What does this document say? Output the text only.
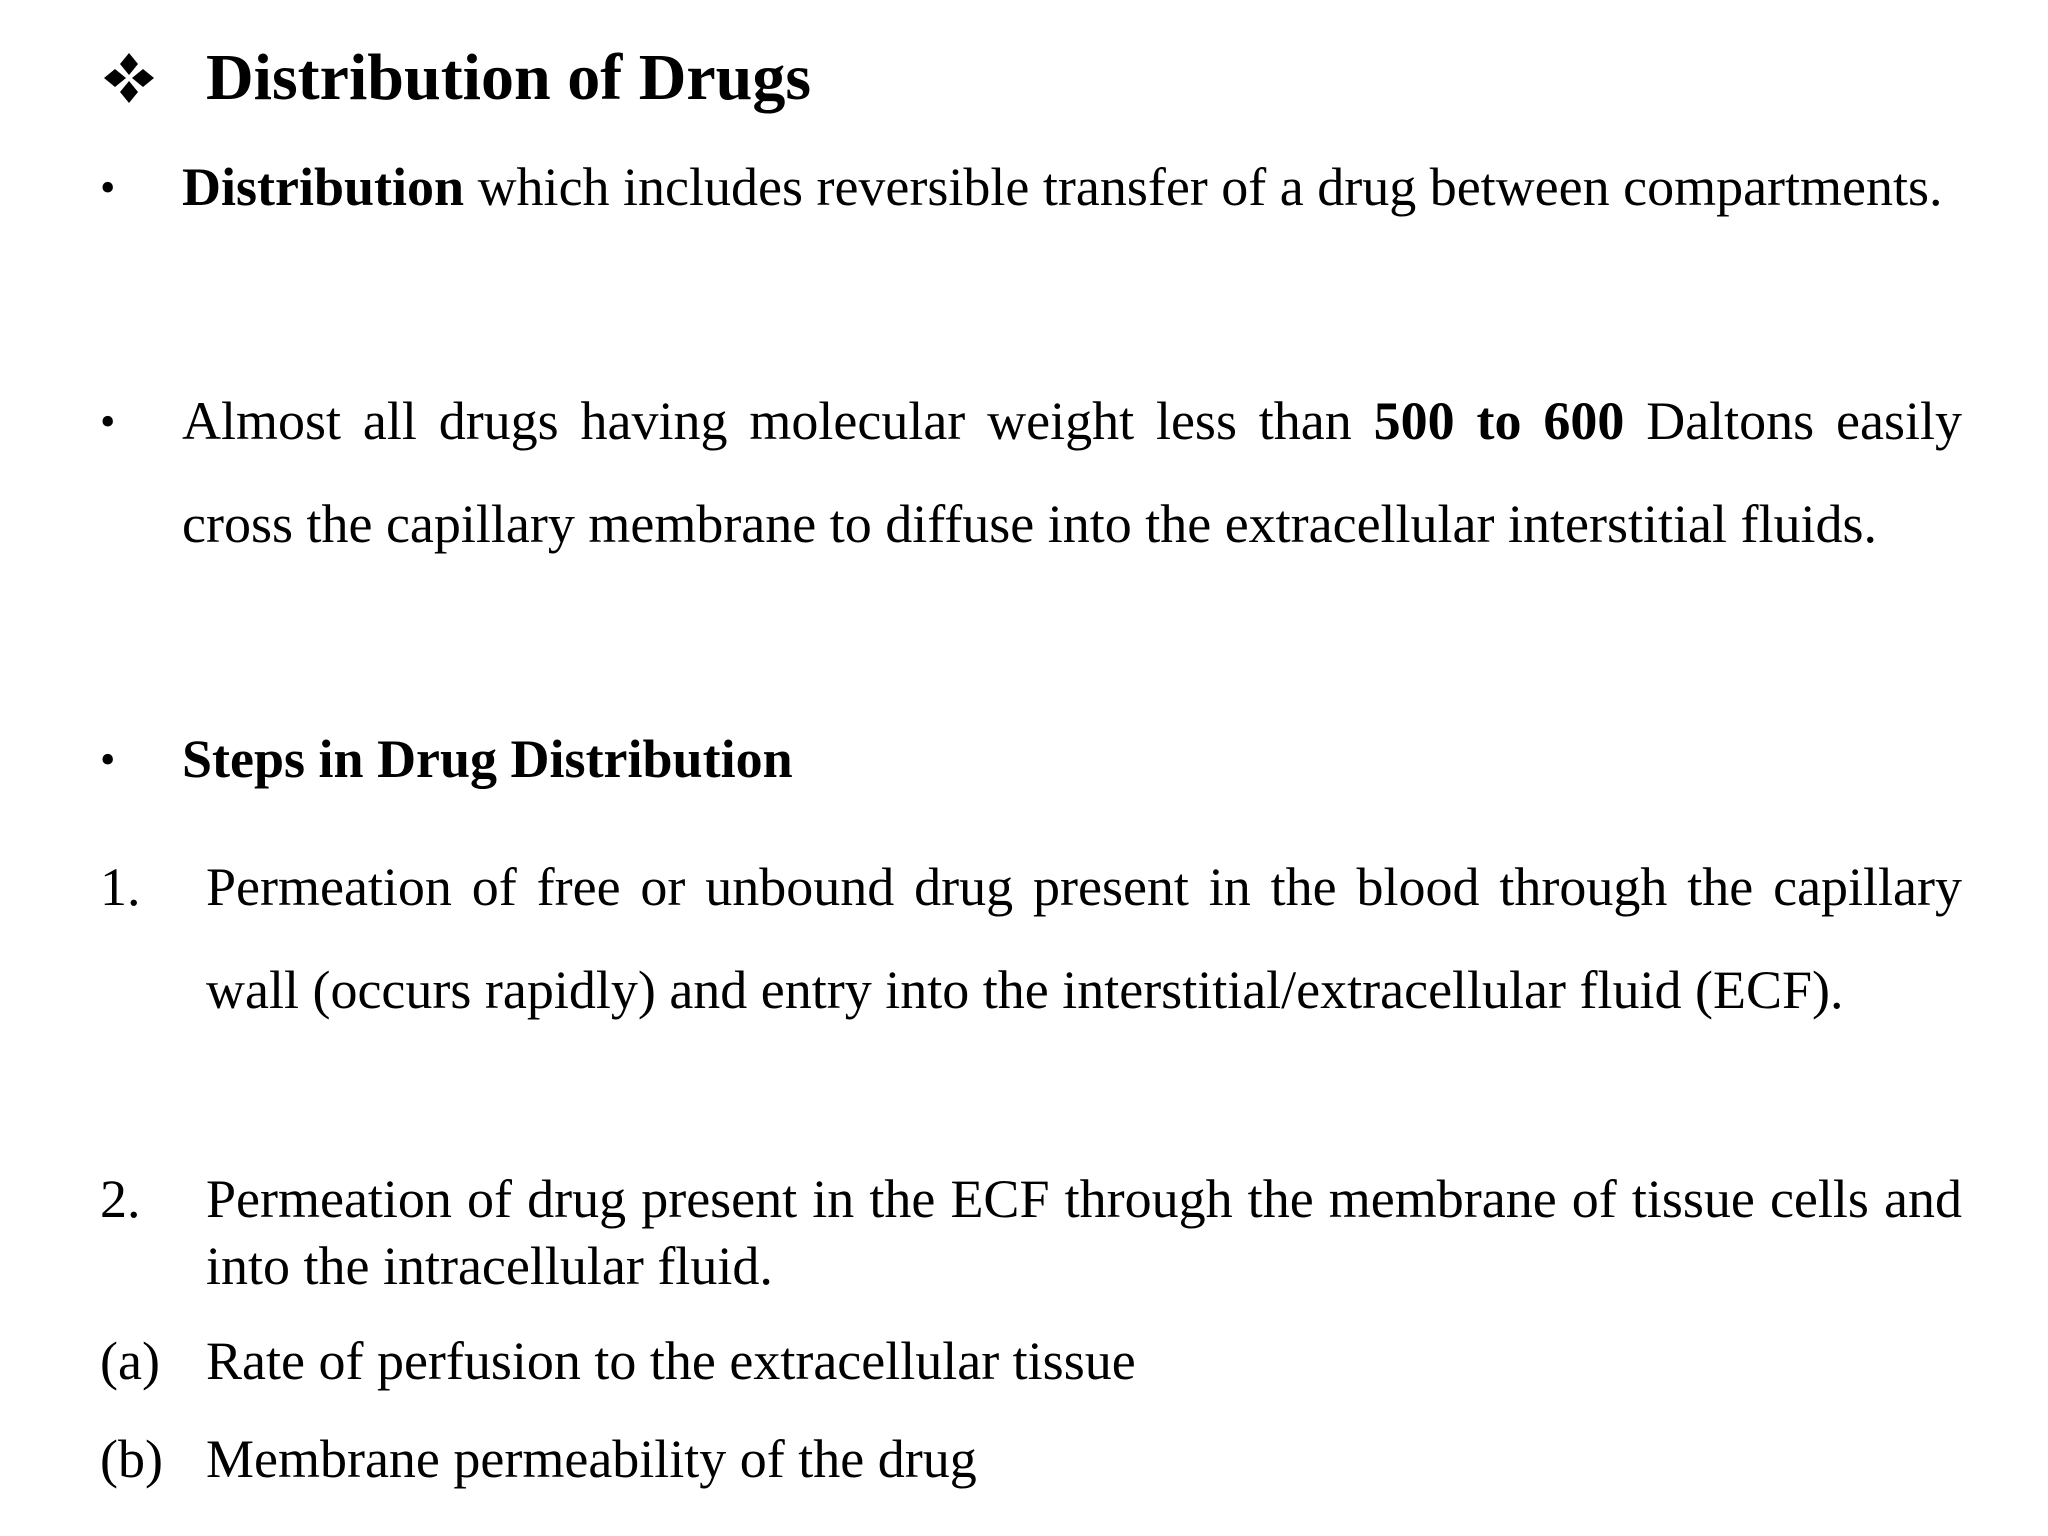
Distribution of Drugs
•	Distribution which includes reversible transfer of a drug between compartments.
•	Almost all drugs having molecular weight less than 500 to 600 Daltons easily cross the capillary membrane to diffuse into the extracellular interstitial fluids.
•	Steps in Drug Distribution
1.	Permeation of free or unbound drug present in the blood through the capillary wall (occurs rapidly) and entry into the interstitial/extracellular fluid (ECF).
2.	Permeation of drug present in the ECF through the membrane of tissue cells and into the intracellular fluid.
(a) Rate of perfusion to the extracellular tissue
(b) Membrane permeability of the drug
